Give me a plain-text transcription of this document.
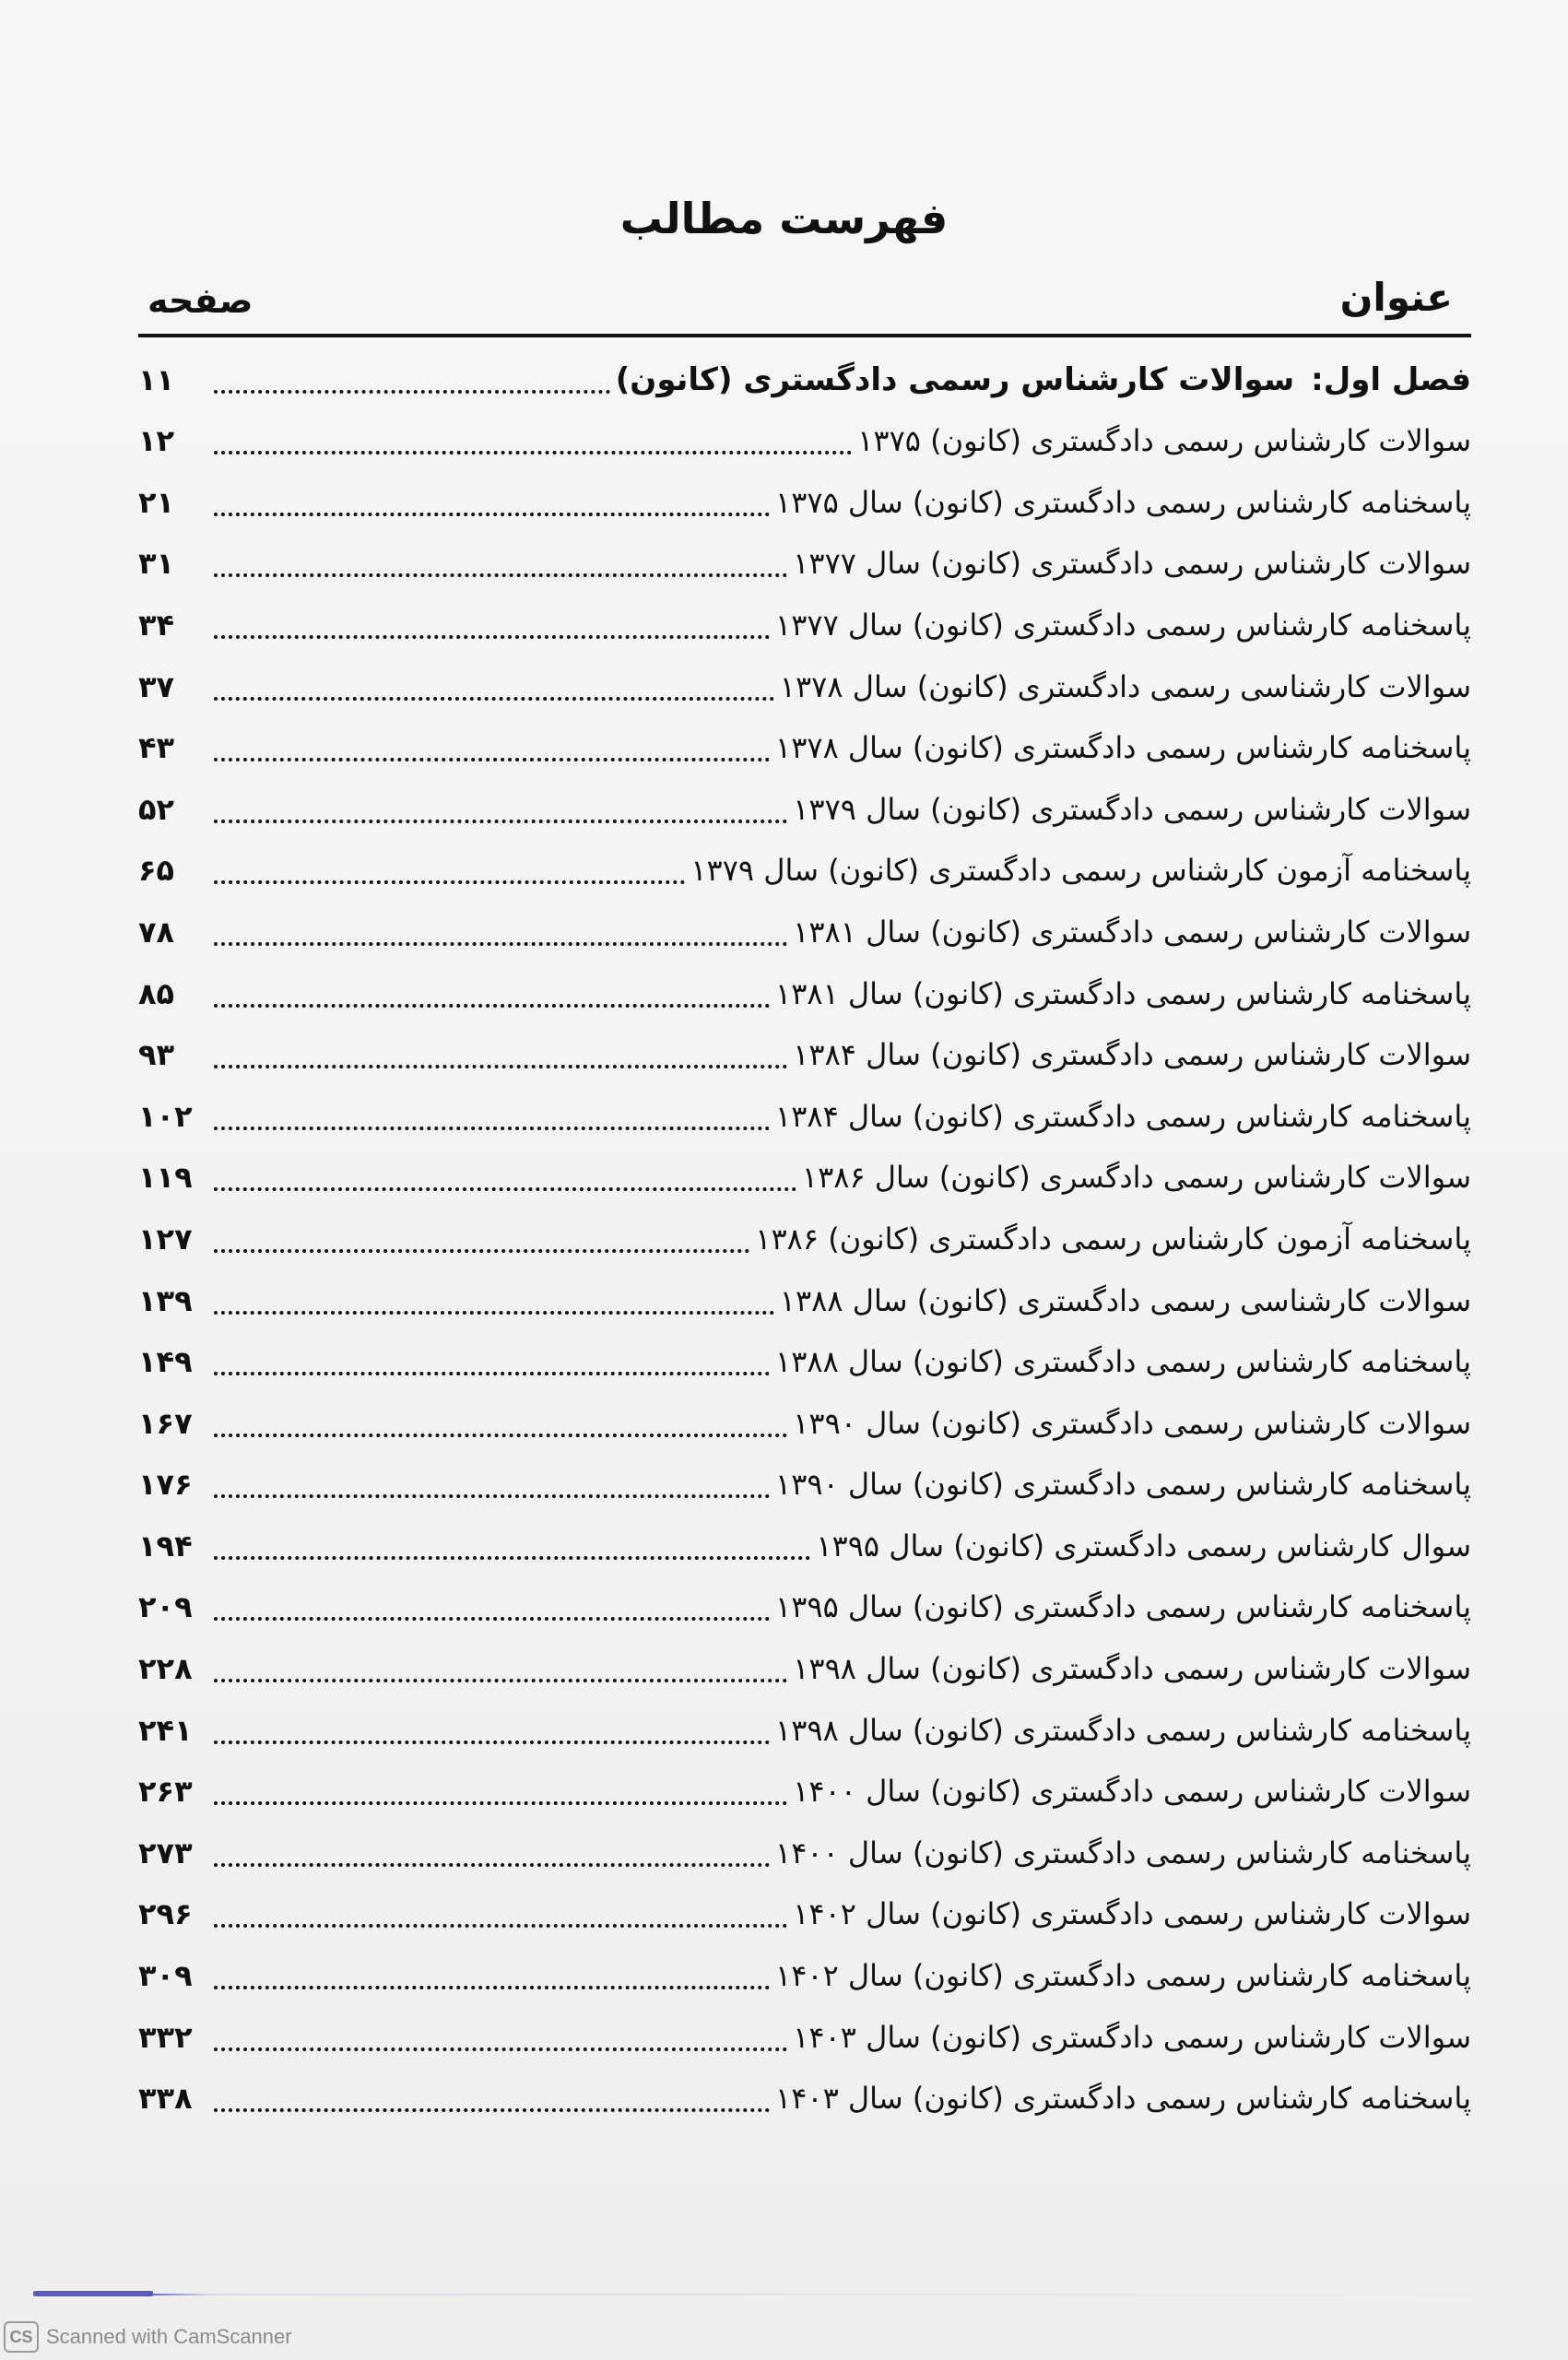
فهرست مطالب
عنوان
صفحه
فصل اول:سوالات کارشناس رسمی دادگستری (کانون)
۱۱
سوالات کارشناس رسمی دادگستری (کانون) ۱۳۷۵
۱۲
پاسخنامه کارشناس رسمی دادگستری (کانون) سال ۱۳۷۵
۲۱
سوالات کارشناس رسمی دادگستری (کانون) سال ۱۳۷۷
۳۱
پاسخنامه کارشناس رسمی دادگستری (کانون) سال ۱۳۷۷
۳۴
سوالات کارشناسی رسمی دادگستری (کانون) سال ۱۳۷۸
۳۷
پاسخنامه کارشناس رسمی دادگستری (کانون) سال ۱۳۷۸
۴۳
سوالات کارشناس رسمی دادگستری (کانون) سال ۱۳۷۹
۵۲
پاسخنامه آزمون کارشناس رسمی دادگستری (کانون) سال ۱۳۷۹
۶۵
سوالات کارشناس رسمی دادگستری (کانون) سال ۱۳۸۱
۷۸
پاسخنامه کارشناس رسمی دادگستری (کانون) سال ۱۳۸۱
۸۵
سوالات کارشناس رسمی دادگستری (کانون) سال ۱۳۸۴
۹۳
پاسخنامه کارشناس رسمی دادگستری (کانون) سال ۱۳۸۴
۱۰۲
سوالات کارشناس رسمی دادگسری (کانون) سال ۱۳۸۶
۱۱۹
پاسخنامه آزمون کارشناس رسمی دادگستری (کانون) ۱۳۸۶
۱۲۷
سوالات کارشناسی رسمی دادگستری (کانون) سال ۱۳۸۸
۱۳۹
پاسخنامه کارشناس رسمی دادگستری (کانون) سال ۱۳۸۸
۱۴۹
سوالات کارشناس رسمی دادگستری (کانون) سال ۱۳۹۰
۱۶۷
پاسخنامه کارشناس رسمی دادگستری (کانون) سال ۱۳۹۰
۱۷۶
سوال کارشناس رسمی دادگستری (کانون) سال ۱۳۹۵
۱۹۴
پاسخنامه کارشناس رسمی دادگستری (کانون) سال ۱۳۹۵
۲۰۹
سوالات کارشناس رسمی دادگستری (کانون) سال ۱۳۹۸
۲۲۸
پاسخنامه کارشناس رسمی دادگستری (کانون) سال ۱۳۹۸
۲۴۱
سوالات کارشناس رسمی دادگستری (کانون) سال ۱۴۰۰
۲۶۳
پاسخنامه کارشناس رسمی دادگستری (کانون) سال ۱۴۰۰
۲۷۳
سوالات کارشناس رسمی دادگستری (کانون) سال ۱۴۰۲
۲۹۶
پاسخنامه کارشناس رسمی دادگستری (کانون) سال ۱۴۰۲
۳۰۹
سوالات کارشناس رسمی دادگستری (کانون) سال ۱۴۰۳
۳۳۲
پاسخنامه کارشناس رسمی دادگستری (کانون) سال ۱۴۰۳
۳۳۸
CS Scanned with CamScanner
